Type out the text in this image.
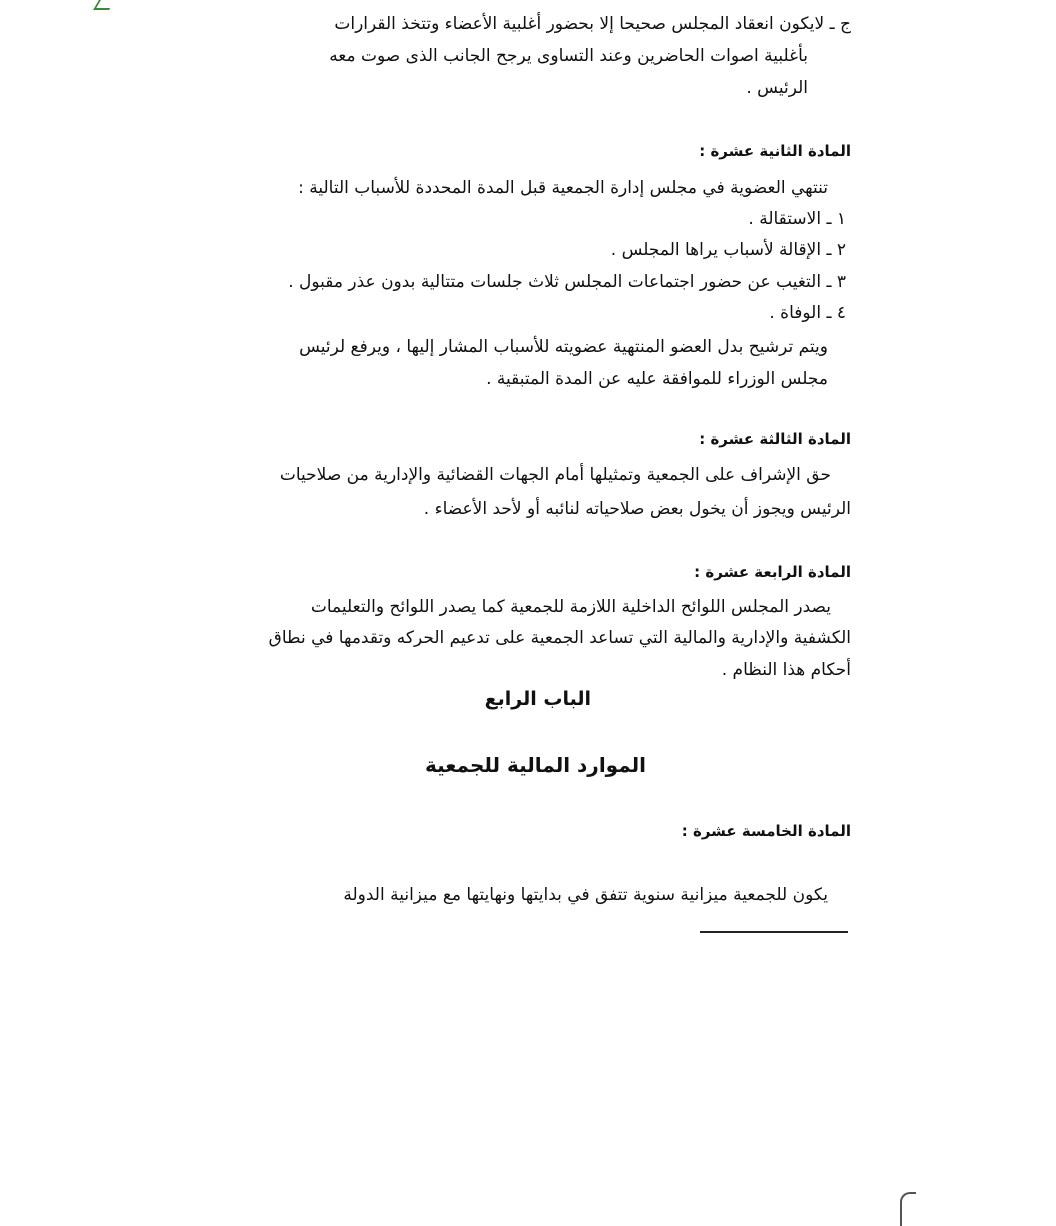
ج ـ لايكون انعقاد المجلس صحيحا إلا بحضور أغلبية الأعضاء وتتخذ القرارات
بأغلبية اصوات الحاضرين وعند التساوى يرجح الجانب الذى صوت معه
الرئيس .
المادة الثانية عشرة :
تنتهي العضوية في مجلس إدارة الجمعية قبل المدة المحددة للأسباب التالية :
١ ـ الاستقالة .
٢ ـ الإقالة لأسباب يراها المجلس .
٣ ـ التغيب عن حضور اجتماعات المجلس ثلاث جلسات متتالية بدون عذر مقبول .
٤ ـ الوفاة .
ويتم ترشيح بدل العضو المنتهية عضويته للأسباب المشار إليها ، ويرفع لرئيس
مجلس الوزراء للموافقة عليه عن المدة المتبقية .
المادة الثالثة عشرة :
حق الإشراف على الجمعية وتمثيلها أمام الجهات القضائية والإدارية من صلاحيات
الرئيس ويجوز أن يخول بعض صلاحياته لنائبه أو لأحد الأعضاء .
المادة الرابعة عشرة :
يصدر المجلس اللوائح الداخلية اللازمة للجمعية كما يصدر اللوائح والتعليمات
الكشفية والإدارية والمالية التي تساعد الجمعية على تدعيم الحركه وتقدمها في نطاق
أحكام هذا النظام .
الباب الرابع
الموارد المالية للجمعية
المادة الخامسة عشرة :
يكون للجمعية ميزانية سنوية تتفق في بدايتها ونهايتها مع ميزانية الدولة
